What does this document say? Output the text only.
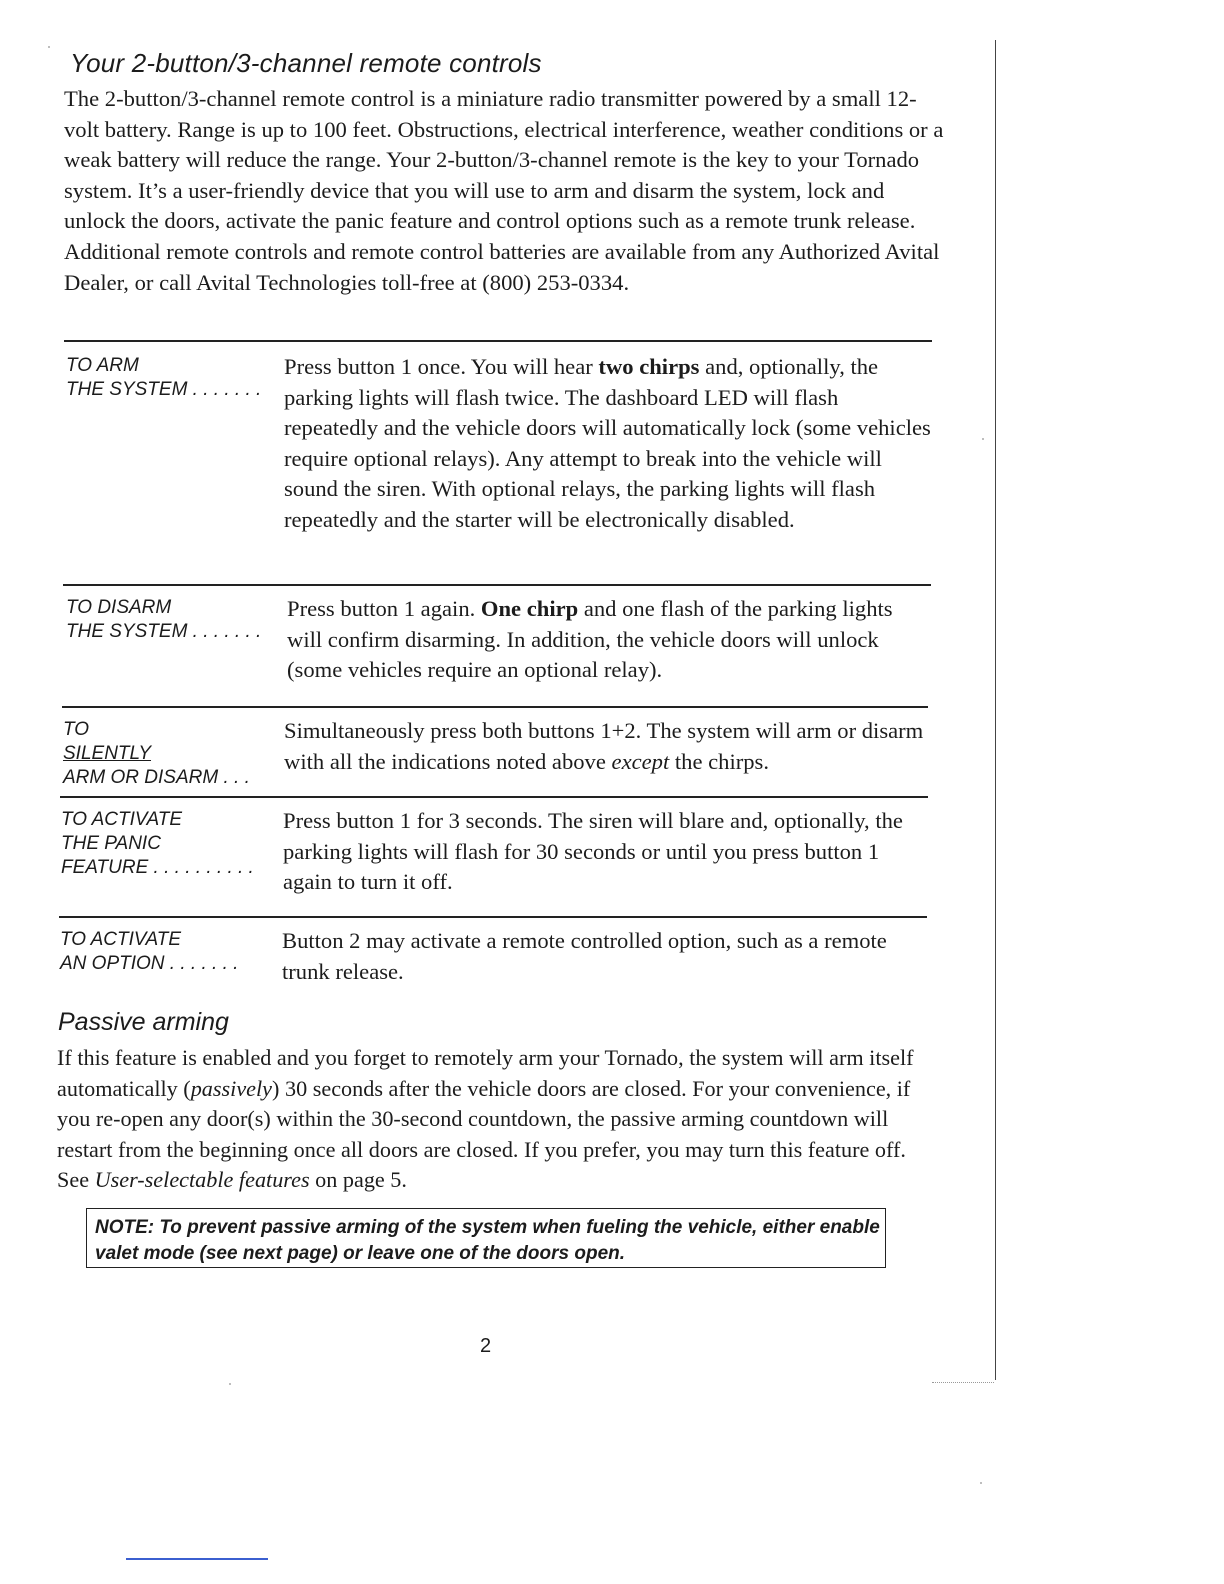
Your 2-button/3-channel remote controls
The 2-button/3-channel remote control is a miniature radio transmitter powered by a small 12-volt battery. Range is up to 100 feet. Obstructions, electrical interference, weather conditions or a weak battery will reduce the range. Your 2-button/3-channel remote is the key to your Tornado system. It’s a user-friendly device that you will use to arm and disarm the system, lock and unlock the doors, activate the panic feature and control options such as a remote trunk release. Additional remote controls and remote control batteries are available from any Authorized Avital Dealer, or call Avital Technologies toll-free at (800) 253-0334.
TO ARM
THE SYSTEM . . . . . . .
Press button 1 once. You will hear two chirps and, optionally, the parking lights will flash twice. The dashboard LED will flash repeatedly and the vehicle doors will automatically lock (some vehicles require optional relays). Any attempt to break into the vehicle will sound the siren. With optional relays, the parking lights will flash repeatedly and the starter will be electronically disabled.
TO DISARM
THE SYSTEM . . . . . . .
Press button 1 again. One chirp and one flash of the parking lights will confirm disarming. In addition, the vehicle doors will unlock (some vehicles require an optional relay).
TO
SILENTLY
ARM OR DISARM . . .
Simultaneously press both buttons 1+2. The system will arm or disarm with all the indications noted above except the chirps.
TO ACTIVATE
THE PANIC
FEATURE . . . . . . . . . .
Press button 1 for 3 seconds. The siren will blare and, optionally, the parking lights will flash for 30 seconds or until you press button 1 again to turn it off.
TO ACTIVATE
AN OPTION . . . . . . .
Button 2 may activate a remote controlled option, such as a remote trunk release.
Passive arming
If this feature is enabled and you forget to remotely arm your Tornado, the system will arm itself automatically (passively) 30 seconds after the vehicle doors are closed. For your convenience, if you re-open any door(s) within the 30-second countdown, the passive arming countdown will restart from the beginning once all doors are closed. If you prefer, you may turn this feature off. See User-selectable features on page 5.
NOTE: To prevent passive arming of the system when fueling the vehicle, either enable valet mode (see next page) or leave one of the doors open.
2
